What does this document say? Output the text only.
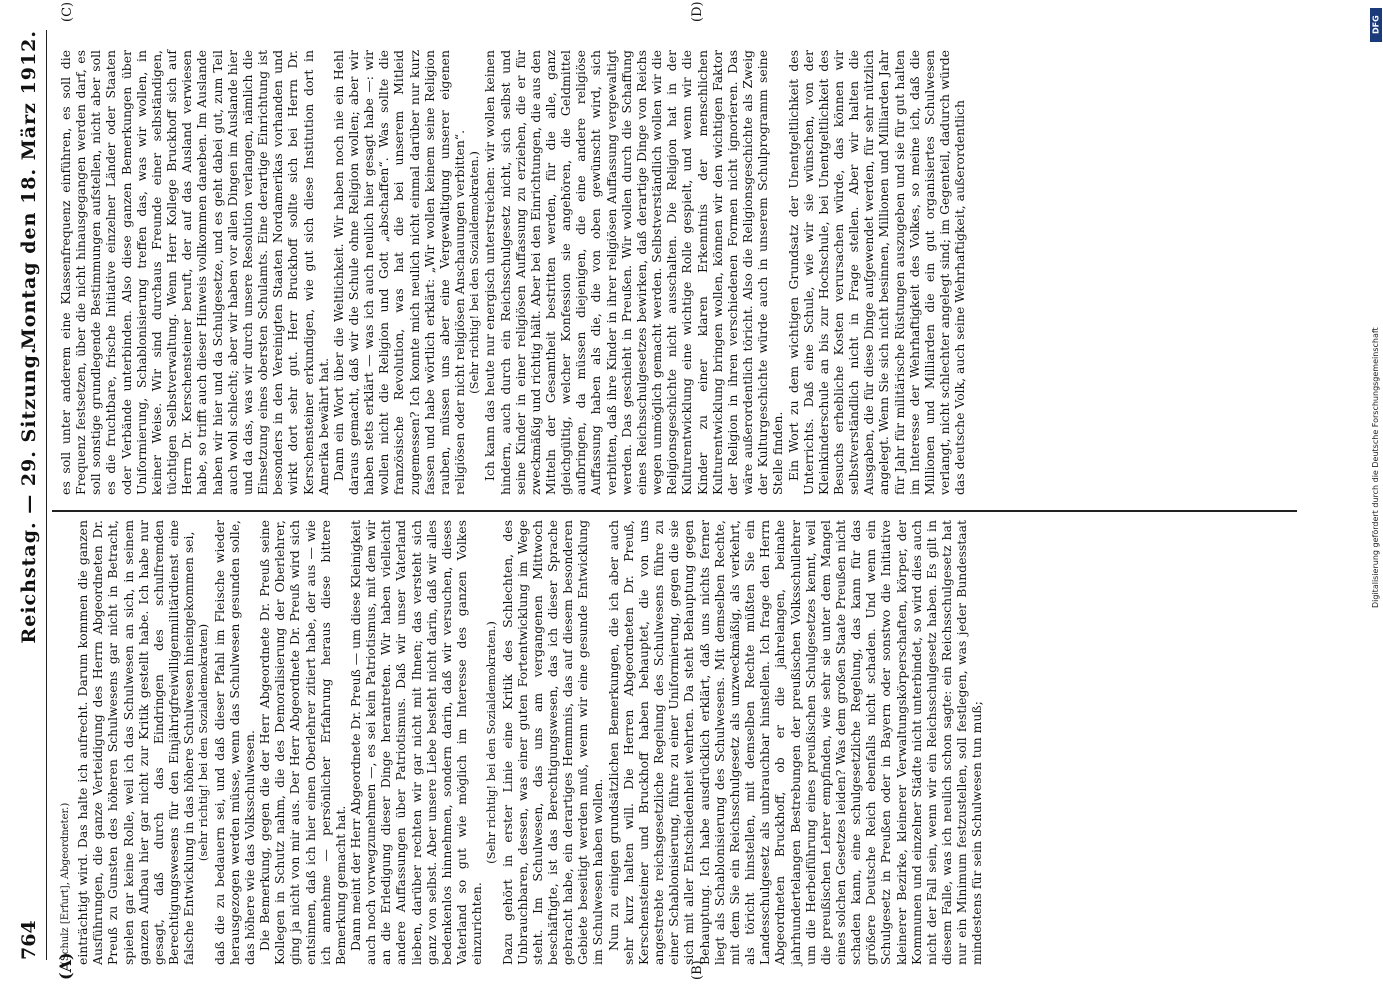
764
Reichstag. — 29. Sitzung.
Montag den 18. März 1912.
(A)	(B)
(C)	(D)
(Schulz [Erfurt], Abgeordneter.) einträchtigt wird. Das halte ich aufrecht. Darum kommen die ganzen Ausführungen, die ganze Verteidigung des Herrn Abgeordneten Dr. Preuß zu Gunsten des höheren Schulwesens gar nicht in Betracht, spielen gar keine Rolle, weil ich das Schulwesen an sich, in seinem ganzen Aufbau hier gar nicht zur Kritik gestellt habe. Ich habe nur gesagt, daß durch das Eindringen des schulfremden Berechtigungswesens für den Einjährigfreiwilligenmilitärdienst eine falsche Entwicklung in das höhere Schulwesen hineingekommen sei, (sehr richtig! bei den Sozialdemokraten) daß die zu bedauern sei, und daß dieser Pfahl im Fleische wieder herausgezogen werden müsse, wenn das Schulwesen gesunden solle, das höhere wie das Volksschulwesen. Die Bemerkung, gegen die der Herr Abgeordnete Dr. Preuß seine Kollegen in Schutz nahm, die des Demoralisierung der Oberlehrer, ging ja nicht von mir aus. Der Herr Abgeordnete Dr. Preuß wird sich entsinnen, daß ich hier einen Oberlehrer zitiert habe, der aus — wie ich annehme — persönlicher Erfahrung heraus diese bittere Bemerkung gemacht hat. Dann meint der Herr Abgeordnete Dr. Preuß — um diese Kleinigkeit auch noch vorwegzunehmen —, es sei kein Patriotismus, mit dem wir an die Erledigung dieser Dinge herantreten. Wir haben vielleicht andere Auffassungen über Patriotismus. Daß wir unser Vaterland lieben, darüber rechten wir gar nicht mit Ihnen; das versteht sich ganz von selbst. Aber unsere Liebe besteht nicht darin, daß wir alles bedenkenlos hinnehmen, sondern darin, daß wir versuchen, dieses Vaterland so gut wie möglich im Interesse des ganzen Volkes einzurichten.

(Sehr richtig! bei den Sozialdemokraten.) Dazu gehört in erster Linie eine Kritik des Schlechten, des Unbrauchbaren, dessen, was einer guten Fortentwicklung im Wege steht. Im Schulwesen, das uns am vergangenen Mittwoch beschäftigte, ist das Berechtigungswesen, das ich dieser Sprache gebracht habe, ein derartiges Hemmnis, das auf diesem besonderen Gebiete beseitigt werden muß, wenn wir eine gesunde Entwicklung im Schulwesen haben wollen. Nun zu einigen grundsätzlichen Bemerkungen, die ich aber auch sehr kurz halten will. Die Herren Abgeordneten Dr. Preuß, Kerschensteiner und Bruckhoff haben behauptet, die von uns angestrebte reichsgesetzliche Regelung des Schulwesens führe zu einer Schablonisierung, führe zu einer Uniformierung, gegen die sie sich mit aller Entschiedenheit wehrten. Da steht Behauptung gegen Behauptung. Ich habe ausdrücklich erklärt, daß uns nichts ferner liegt als Schablonisierung des Schulwesens. Mit demselben Rechte, mit dem Sie ein Reichsschulgesetz als unzweckmäßig, als verkehrt, als töricht hinstellen, mit demselben Rechte müßten Sie ein Landesschulgesetz als unbrauchbar hinstellen. Ich frage den Herrn Abgeordneten Bruckhoff, ob er die jahrelangen, beinahe jahrhundertelangen Bestrebungen der preußischen Volksschullehrer um die Herbeiführung eines preußischen Schulgesetzes kennt, weil die preußischen Lehrer empfinden, wie sehr sie unter dem Mangel eines solchen Gesetzes leiden? Was dem großen Staate Preußen nicht schaden kann, eine schulgesetzliche Regelung, das kann für das größere Deutsche Reich ebenfalls nicht schaden. Und wenn ein Schulgesetz in Preußen oder in Bayern oder sonstwo die Initiative kleinerer Bezirke, kleinerer Verwaltungskörperschaften, körper, der Kommunen und einzelner Städte nicht unterbindet, so wird dies auch nicht der Fall sein, wenn wir ein Reichsschulgesetz haben. Es gilt in diesem Falle, was ich neulich schon sagte: ein Reichsschulgesetz hat nur ein Minimum festzustellen, soll festlegen, was jeder Bundesstaat mindestens für sein Schulwesen tun muß;

es soll unter anderem eine Klassenfrequenz einführen, es soll die Frequenz festsetzen, über die nicht hinausgegangen werden darf, es soll sonstige grundlegende Bestimmungen aufstellen, nicht aber soll es die fruchtbare, frische Initiative einzelner Länder oder Staaten oder Verbände unterbinden. Also diese ganzen Bemerkungen über Uniformierung, Schablonisierung treffen das, was wir wollen, in keiner Weise. Wir sind durchaus Freunde einer selbständigen, tüchtigen Selbstverwaltung. Wenn Herr Kollege Bruckhoff sich auf Herrn Dr. Kerschensteiner beruft, der auf das Ausland verwiesen habe, so trifft auch dieser Hinweis vollkommen daneben. Im Auslande haben wir hier und da Schulgesetze, und es geht dabei gut, zum Teil auch wohl schlecht; aber wir haben vor allen Dingen im Auslande hier und da das, was wir durch unsere Resolution verlangen, nämlich die Einsetzung eines obersten Schulamts. Eine derartige Einrichtung ist besonders in den Vereinigten Staaten Nordamerikas vorhanden und wirkt dort sehr gut. Herr Bruckhoff sollte sich bei Herrn Dr. Kerschensteiner erkundigen, wie gut sich diese Institution dort in Amerika bewährt hat. Dann ein Wort über die Weltlichkeit. Wir haben noch nie ein Hehl daraus gemacht, daß wir die Schule ohne Religion wollen; aber wir haben stets erklärt — was ich auch neulich hier gesagt habe —: wir wollen nicht die Religion und Gott „abschaffen“. Was sollte die französische Revolution, was hat die bei unserem Mitleid zugemessen? Ich konnte mich neulich nicht einmal darüber nur kurz fassen und habe wörtlich erklärt: „Wir wollen keinem seine Religion rauben, müssen uns aber eine Vergewaltigung unserer eigenen religiösen oder nicht religiösen Anschauungen verbitten“. (Sehr richtig! bei den Sozialdemokraten.) Ich kann das heute nur energisch unterstreichen: wir wollen keinen hindern, auch durch ein Reichsschulgesetz nicht, sich selbst und seine Kinder in einer religiösen Auffassung zu erziehen, die er für zweckmäßig und richtig hält. Aber bei den Einrichtungen, die aus den Mitteln der Gesamtheit bestritten werden, für die alle, ganz gleichgültig, welcher Konfession sie angehören, die Geldmittel aufbringen, da müssen diejenigen, die eine andere religiöse Auffassung haben als die, die von oben gewünscht wird, sich verbitten, daß ihre Kinder in ihrer religiösen Auffassung vergewaltigt werden. Das geschieht in Preußen. Wir wollen durch die Schaffung eines Reichsschulgesetzes bewirken, daß derartige Dinge von Reichs wegen unmöglich gemacht werden. Selbstverständlich wollen wir die Religionsgeschichte nicht ausschalten. Die Religion hat in der Kulturentwicklung eine wichtige Rolle gespielt, und wenn wir die Kinder zu einer klaren Erkenntnis der menschlichen Kulturentwicklung bringen wollen, können wir den wichtigen Faktor der Religion in ihren verschiedenen Formen nicht ignorieren. Das wäre außerordentlich töricht. Also die Religionsgeschichte als Zweig der Kulturgeschichte würde auch in unserem Schulprogramm seine Stelle finden. Ein Wort zu dem wichtigen Grundsatz der Unentgeltlichkeit des Unterrichts. Daß eine Schule, wie wir sie wünschen, von der Kleinkinderschule an bis zur Hochschule, bei Unentgeltlichkeit des Besuchs erhebliche Kosten verursachen würde, das können wir selbstverständlich nicht in Frage stellen. Aber wir halten die Ausgaben, die für diese Dinge aufgewendet werden, für sehr nützlich angelegt. Wenn Sie sich nicht besinnen, Millionen und Milliarden Jahr für Jahr für militärische Rüstungen auszugeben und sie für gut halten im Interesse der Wehrhaftigkeit des Volkes, so meine ich, daß die Millionen und Milliarden die ein gut organisiertes Schulwesen verlangt, nicht schlechter angelegt sind; im Gegenteil, dadurch würde das deutsche Volk, auch seine Wehrhaftigkeit, außerordentlich

DFG
Digitalisierung gefördert durch die Deutsche Forschungsgemeinschaft
